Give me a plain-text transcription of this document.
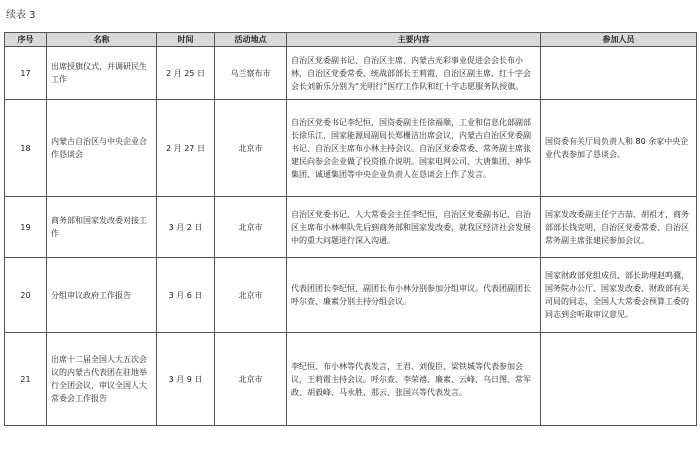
续表 3
序号	名称	时间	活动地点	主要内容	参加人员
17	出席授旗仪式，并调研民生工作	2 月 25 日	乌兰察布市	自治区党委副书记、自治区主席、内蒙古光彩事业促进会会长布小林，自治区党委常委、统战部部长王莉霞，自治区副主席、红十字会会长刘新乐分别为“光明行”医疗工作队和红十字志愿服务队授旗。	
18	内蒙古自治区与中央企业合作恳谈会	2 月 27 日	北京市	自治区党委书记李纪恒，国资委副主任徐福顺，工业和信息化部副部长徐乐江，国家能源局副局长郑栅洁出席会议，内蒙古自治区党委副书记、自治区主席布小林主持会议。自治区党委常委、常务副主席张建民向参会企业做了投资推介说明。国家电网公司、大唐集团、神华集团、诚通集团等中央企业负责人在恳谈会上作了发言。	国资委有关厅局负责人和 80 余家中央企业代表参加了恳谈会。
19	商务部和国家发改委对接工作	3 月 2 日	北京市	自治区党委书记、人大常委会主任李纪恒，自治区党委副书记、自治区主席布小林率队先后到商务部和国家发改委，就我区经济社会发展中的重大问题进行深入沟通。	国家发改委副主任宁吉喆、胡祖才，商务部部长钱克明，自治区党委常委、自治区常务副主席张建民参加会议。
20	分组审议政府工作报告	3 月 6 日	北京市	代表团团长李纪恒、副团长布小林分别参加分组审议。代表团副团长呼尔查、廉素分别主持分组会议。	国家财政部党组成员、部长助理赵鸣骥，国务院办公厅、国家发改委、财政部有关司局的同志，全国人大常委会预算工委的同志到会听取审议意见。
21	出席十二届全国人大五次会议的内蒙古代表团在驻地举行全团会议，审议全国人大常委会工作报告	3 月 9 日	北京市	李纪恒、布小林等代表发言，王君、刘俊臣、梁铁城等代表参加会议，王莉霞主持会议。呼尔查、李荣禧、廉素、云峰、乌日图、常军政、胡毅峰、马永胜、那云、张国兴等代表发言。	
